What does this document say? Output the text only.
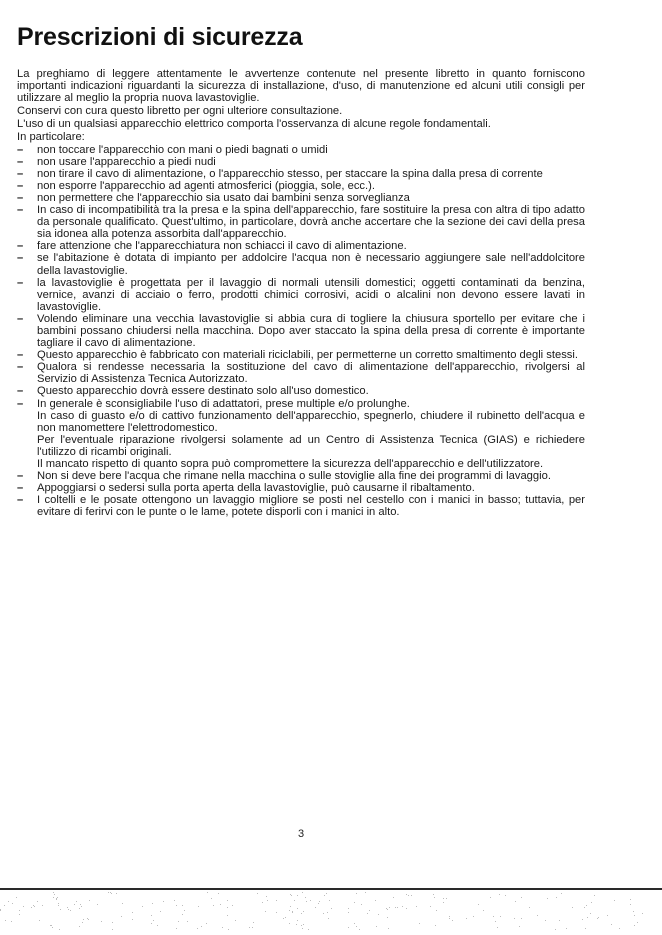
Prescrizioni di sicurezza

La preghiamo di leggere attentamente le avvertenze contenute nel presente libretto in quanto forniscono importanti indicazioni riguardanti la sicurezza di installazione, d'uso, di manutenzione ed alcuni utili consigli per utilizzare al meglio la propria nuova lavastoviglie.

Conservi con cura questo libretto per ogni ulteriore consultazione.

L'uso di un qualsiasi apparecchio elettrico comporta l'osservanza di alcune regole fondamentali.

In particolare:

– non toccare l'apparecchio con mani o piedi bagnati o umidi

– non usare l'apparecchio a piedi nudi

– non tirare il cavo di alimentazione, o l'apparecchio stesso, per staccare la spina dalla presa di corrente

– non esporre l'apparecchio ad agenti atmosferici (pioggia, sole, ecc.).

– non permettere che l'apparecchio sia usato dai bambini senza sorveglianza

– In caso di incompatibilità tra la presa e la spina dell'apparecchio, fare sostituire la presa con altra di tipo adatto da personale qualificato. Quest'ultimo, in particolare, dovrà anche accertare che la sezione dei cavi della presa sia idonea alla potenza assorbita dall'apparecchio.

– fare attenzione che l'apparecchiatura non schiacci il cavo di alimentazione.

– se l'abitazione è dotata di impianto per addolcire l'acqua non è necessario aggiungere sale nell'addolcitore della lavastoviglie.

– la lavastoviglie è progettata per il lavaggio di normali utensili domestici; oggetti contaminati da benzina, vernice, avanzi di acciaio o ferro, prodotti chimici corrosivi, acidi o alcalini non devono essere lavati in lavastoviglie.

– Volendo eliminare una vecchia lavastoviglie si abbia cura di togliere la chiusura sportello per evitare che i bambini possano chiudersi nella macchina. Dopo aver staccato la spina della presa di corrente è importante tagliare il cavo di alimentazione.

– Questo apparecchio è fabbricato con materiali riciclabili, per permetterne un corretto smaltimento degli stessi.

– Qualora si rendesse necessaria la sostituzione del cavo di alimentazione dell'apparecchio, rivolgersi al Servizio di Assistenza Tecnica Autorizzato.

– Questo apparecchio dovrà essere destinato solo all'uso domestico.

– In generale è sconsigliabile l'uso di adattatori, prese multiple e/o prolunghe.

In caso di guasto e/o di cattivo funzionamento dell'apparecchio, spegnerlo, chiudere il rubinetto dell'acqua e non manomettere l'elettrodomestico.

Per l'eventuale riparazione rivolgersi solamente ad un Centro di Assistenza Tecnica (GIAS) e richiedere l'utilizzo di ricambi originali.

Il mancato rispetto di quanto sopra può compromettere la sicurezza dell'apparecchio e dell'utilizzatore.

– Non si deve bere l'acqua che rimane nella macchina o sulle stoviglie alla fine dei programmi di lavaggio.

– Appoggiarsi o sedersi sulla porta aperta della lavastoviglie, può causarne il ribaltamento.

– I coltelli e le posate ottengono un lavaggio migliore se posti nel cestello con i manici in basso; tuttavia, per evitare di ferirvi con le punte o le lame, potete disporli con i manici in alto.

3
